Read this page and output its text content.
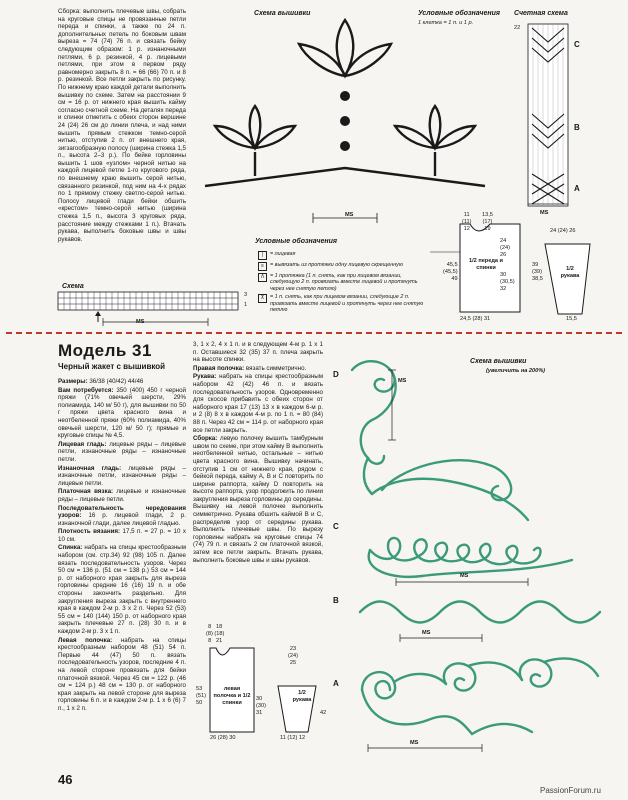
Сборка: выполнить плечевые швы, собрать на круговые спицы не провязанные петли переда и спинки, а также по 24 п. дополнительных петель по боковым швам выреза = 74 (74) 76 п. и связать бейку следующим образом: 1 р. изнаночными петлями, 6 р. резинкой, 4 р. лицевыми петлями, при этом в первом ряду равномерно закрыть 8 п. = 66 (66) 70 п. и 8 р. резинкой. Все петли закрыть по рисунку. По нижнему краю каждой детали выполнить вышивку по схеме. Затем на расстоянии 9 см = 16 р. от нижнего края вышить кайму согласно счетной схеме. На деталях переда и спинки отметить с обеих сторон вершине 24 (24) 26 см до линии плеча, и над ними вышить прямым стежком темно-серой нитью, отступив 2 п. от внешнего края, зигзагообразную полосу (ширина стежка 1,5 п., высота 2–3 р.). По бейке горловины вышить 1 шов «узлом» черной нитью на каждой лицевой петле 1-го кругового ряда, по внешнему краю вышить серой нитью, связанного резинкой, под ним на 4-х рядах по 1 прямому стежку светло-серой нитью. Полосу лицевой глади бейки обшить «крестом» темно-серой нитью (ширина стежка 1,5 п., высота 3 круговых ряда, расстояние между стежками 1 п.). Втачать рукава, выполнить боковые швы и швы рукавов.
Схема вышивки
MS
Условные обозначения
1 клетка = 1 п. и 1 р.
Счетная схема
22
C
B
A
MS
Условные обозначения
|	= лицевая
≡	= вывязать из протяжки одну лицевую скрещенную
Λ	= 1 протяжка (1 п. снять, как при лицевом вязании, следующую 2 п. провязать вместе лицевой и протянуть через нее снятую петлю)
⊼	= 1 п. снять, как при лицевом вязании, следующие 2 п. провязать вместе лицевой и протянуть через нее снятую петлю
Схема
MS
3
1
11
(11)
12
13,5
(17)
19
1/2 переда и спинки
45,5
(45,5)
49
24
(24)
26
30
(30,5)
32
24,5 (28) 31
24 (24) 26
1/2 рукава
39
(39)
38,5
15,5
Модель 31
Черный жакет с вышивкой

Размеры: 36/38 (40/42) 44/46

Вам потребуется: 350 (400) 450 г черной пряжи (71% овечьей шерсти, 29% полиамида, 140 м/ 50 г), для вышивки по 50 г пряжи цвета красного вина и неотбеленной пряжи (60% полиамида, 40% овечьей шерсти, 120 м/ 50 г); прямые и круговые спицы № 4,5.

Лицевая гладь: лицевые ряды – лицевые петли, изнаночные ряды – изнаночные петли.

Изнаночная гладь: лицевые ряды – изнаночные петли, изнаночные ряды – лицевые петли.

Платочная вязка: лицевые и изнаночные ряды – лицевые петли.

Последовательность чередования узоров: 16 р. лицевой глади, 2 р. изнаночной глади, далее лицевой гладью.

Плотность вязания: 17,5 п. = 27 р. = 10 х 10 см.

Спинка: набрать на спицы крестообразным набором (см. стр.34) 92 (98) 105 п. Далее вязать последовательность узоров. Через 50 см = 136 р. (51 см = 138 р.) 53 см = 144 р. от наборного края закрыть для выреза горловины средние 16 (16) 19 п. и обе стороны закончить раздельно. Для закругления выреза закрыть с внутреннего края в каждом 2-м р. 3 х 2 п. Через 52 (53) 55 см = 140 (144) 150 р. от наборного края закрыть плечевые 27 п. (28) 30 п. и в каждом 2-м р. 3 х 1 п.

Левая полочка: набрать на спицы крестообразным набором 48 (51) 54 п. Первые 44 (47) 50 п. вязать последовательность узоров, последние 4 п. на левой стороне провязать для бейки платочной вязкой. Через 45 см = 122 р. (46 см = 124 р.) 48 см = 130 р. от наборного края закрыть на левой стороне для выреза горловины 6 п. и в каждом 2-м р. 1 х 6 (6) 7 п., 1 х 2 п.

3, 1 х 2, 4 х 1 п. и в следующем 4-м р. 1 х 1 п. Оставшиеся 32 (35) 37 п. плеча закрыть на высоте спинки.

Правая полочка: вязать симметрично.

Рукава: набрать на спицы крестообразным набором 42 (42) 46 п. и вязать последовательность узоров. Одновременно для скосов прибавить с обеих сторон от наборного края 17 (13) 13 х в каждом 6-м р. и 2 (8) 8 х в каждом 4-м р. по 1 п. = 80 (84) 88 п. Через 42 см = 114 р. от наборного края все петли закрыть.

Сборка: левую полочку вышить тамбурным швом по схеме, при этом кайму В выполнить неотбеленной нитью, остальные – нитью цвета красного вина. Вышивку начинать, отступив 1 см от нижнего края, рядом с бейкой переда, кайму А, В и С повторить по ширине раппорта, кайму D повторить на высоте раппорта, узор продолжить по линии закругления выреза горловины до середины. Вышивку на левой полочке выполнить симметрично. Рукава обшить каймой В и С, распределив узор от середины рукава. Выполнить плечевые швы. По вырезу горловины набрать на круговые спицы 74 (74) 79 п. и связать 2 см платочной вязкой, затем все петли закрыть. Втачать рукава, выполнить боковые швы и швы рукавов.

8 18
(8) (18)
8 21
левая полочка и 1/2 спинки
53
(51)
50
30
(30)
31
26 (28) 30
23
(24)
25
1/2 рукава
42
11 (12) 12
Схема вышивки
(увеличить на 200%)
D
C
B
A
MS
MS
MS
MS
46
PassionForum.ru
